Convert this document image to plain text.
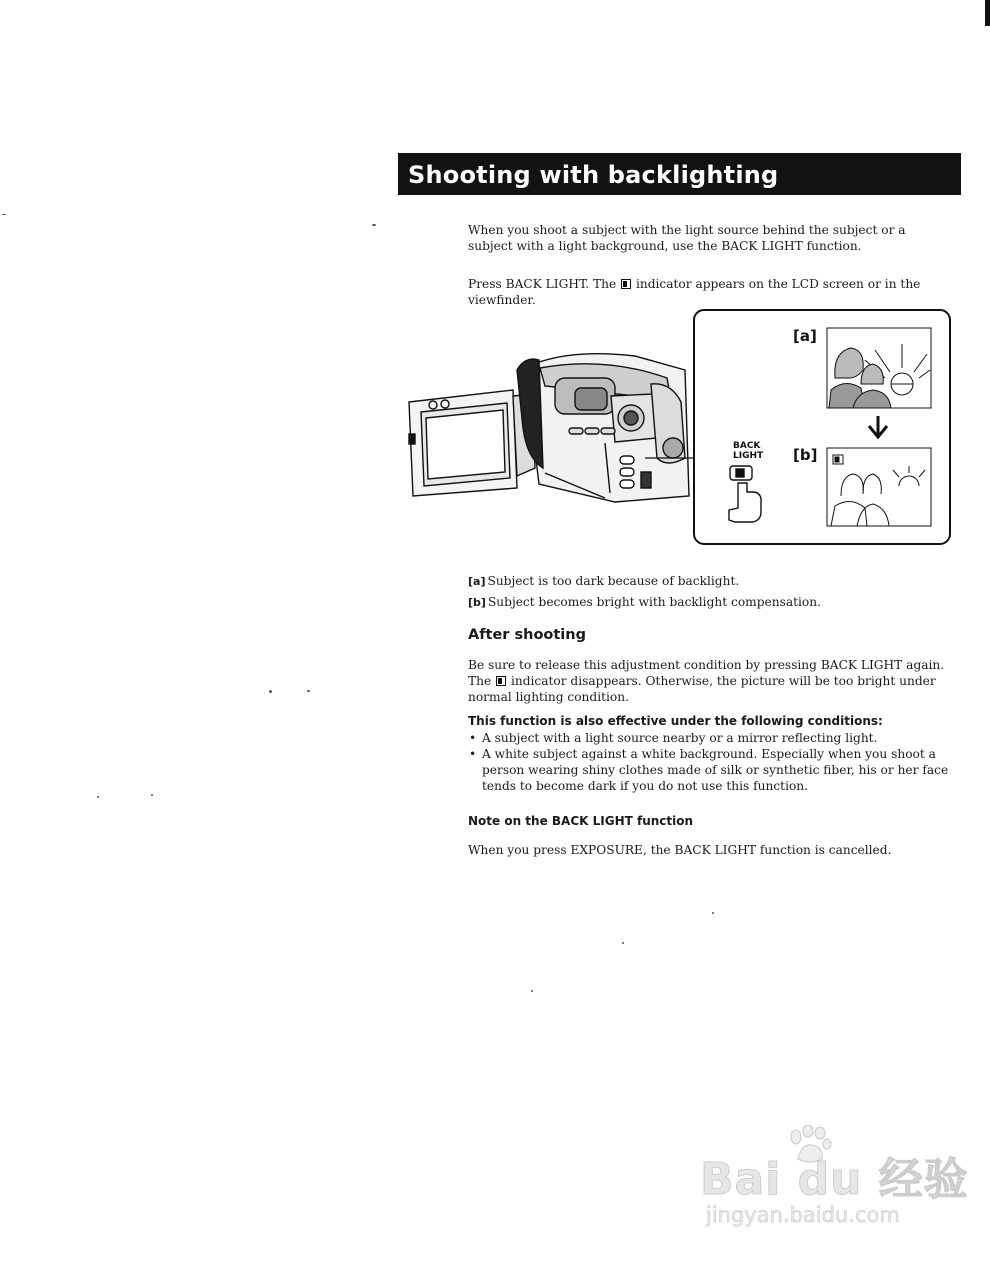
Shooting with backlighting

When you shoot a subject with the light source behind the subject or a subject with a light background, use the BACK LIGHT function.

Press BACK LIGHT. The indicator appears on the LCD screen or in the viewfinder.

BACK
LIGHT
[a]
[b]
[a] Subject is too dark because of backlight.
[b] Subject becomes bright with backlight compensation.
After shooting

Be sure to release this adjustment condition by pressing BACK LIGHT again. The indicator disappears. Otherwise, the picture will be too bright under normal lighting condition.

This function is also effective under the following conditions:
• A subject with a light source nearby or a mirror reflecting light.
• A white subject against a white background. Especially when you shoot a person wearing shiny clothes made of silk or synthetic fiber, his or her face tends to become dark if you do not use this function.
Note on the BACK LIGHT function

When you press EXPOSURE, the BACK LIGHT function is cancelled.

Bai du 经验
jingyan.baidu.com
